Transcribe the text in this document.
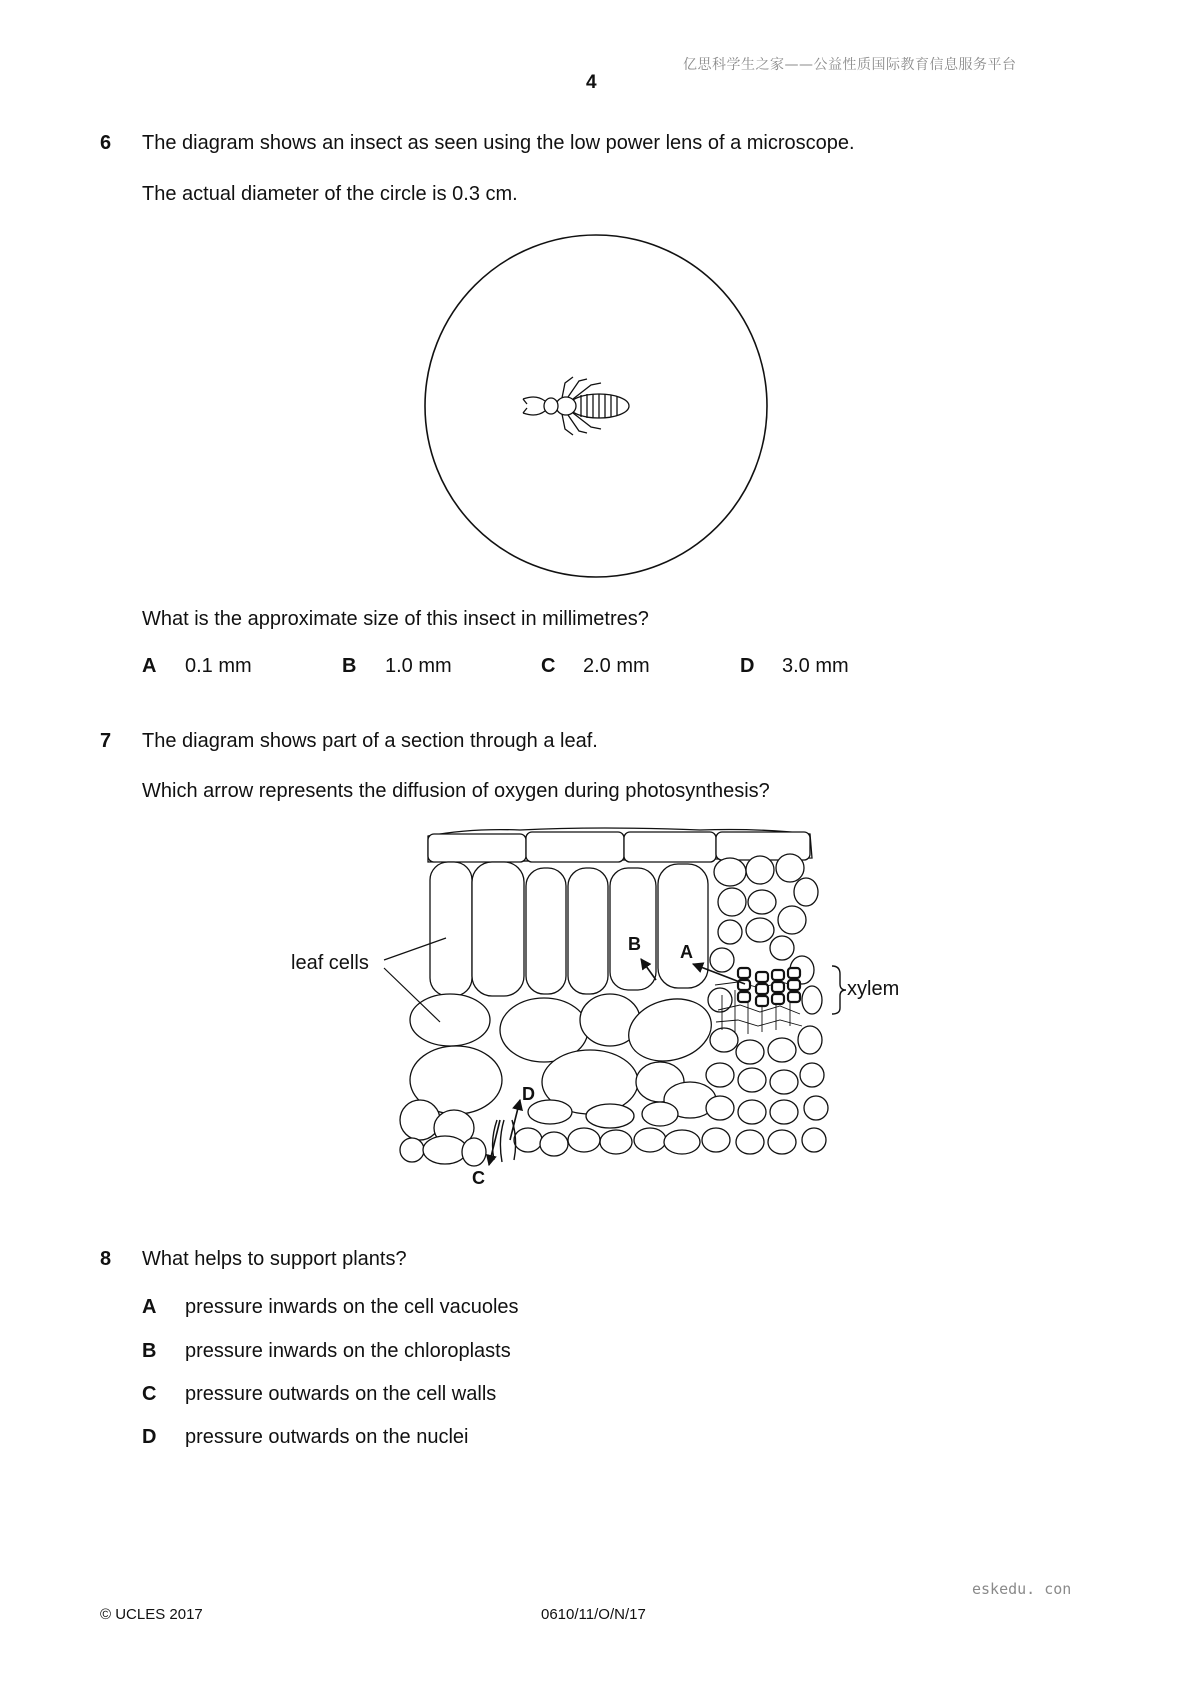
亿思科学生之家——公益性质国际教育信息服务平台
4
6 The diagram shows an insect as seen using the low power lens of a microscope.
The actual diameter of the circle is 0.3 cm.
What is the approximate size of this insect in millimetres?
A 0.1 mm	B 1.0 mm	C 2.0 mm	D 3.0 mm
7 The diagram shows part of a section through a leaf.
Which arrow represents the diffusion of oxygen during photosynthesis?
leaf cells
xylem
B A
D
C
8 What helps to support plants?
A pressure inwards on the cell vacuoles
B pressure inwards on the chloroplasts
C pressure outwards on the cell walls
D pressure outwards on the nuclei
eskedu. con
© UCLES 2017	0610/11/O/N/17
